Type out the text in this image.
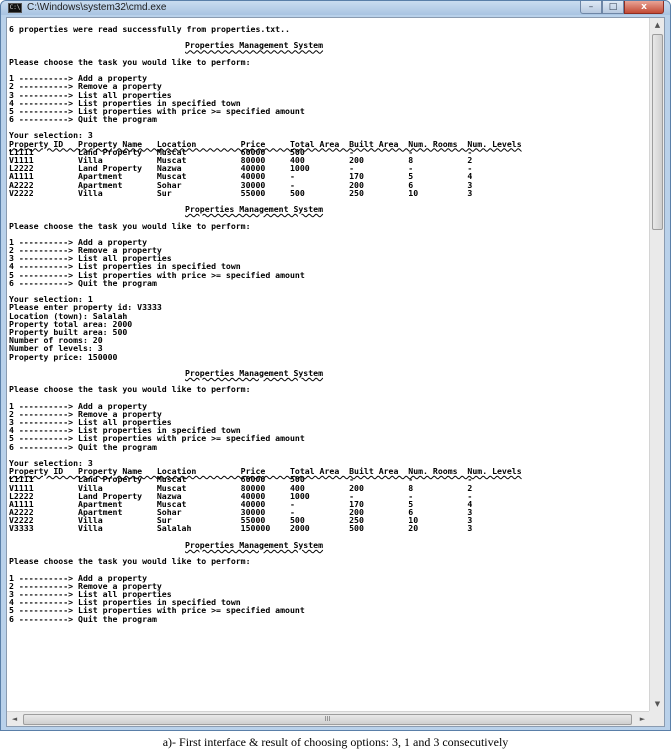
C:\ C:\Windows\system32\cmd.exe	–	□	x
6 properties were read successfully from properties.txt..
Properties Management System
Please choose the task you would like to perform:
1 ----------> Add a property
2 ----------> Remove a property
3 ----------> List all properties
4 ----------> List properties in specified town
5 ----------> List properties with price >= specified amount
6 ----------> Quit the program
Your selection: 3
Property ID   Property Name   Location         Price     Total Area  Built Area  Num. Rooms  Num. Levels
L1111         Land Property   Muscat           60000     500         -           -           -
V1111         Villa           Muscat           80000     400         200         8           2
L2222         Land Property   Nazwa            40000     1000        -           -           -
A1111         Apartment       Muscat           40000     -           170         5           4
A2222         Apartment       Sohar            30000     -           200         6           3
V2222         Villa           Sur              55000     500         250         10          3
Properties Management System
Please choose the task you would like to perform:
1 ----------> Add a property
2 ----------> Remove a property
3 ----------> List all properties
4 ----------> List properties in specified town
5 ----------> List properties with price >= specified amount
6 ----------> Quit the program
Your selection: 1
Please enter property id: V3333
Location (town): Salalah
Property total area: 2000
Property built area: 500
Number of rooms: 20
Number of levels: 3
Property price: 150000
Properties Management System
Please choose the task you would like to perform:
1 ----------> Add a property
2 ----------> Remove a property
3 ----------> List all properties
4 ----------> List properties in specified town
5 ----------> List properties with price >= specified amount
6 ----------> Quit the program
Your selection: 3
Property ID   Property Name   Location         Price     Total Area  Built Area  Num. Rooms  Num. Levels
L1111         Land Property   Muscat           60000     500         -           -           -
V1111         Villa           Muscat           80000     400         200         8           2
L2222         Land Property   Nazwa            40000     1000        -           -           -
A1111         Apartment       Muscat           40000     -           170         5           4
A2222         Apartment       Sohar            30000     -           200         6           3
V2222         Villa           Sur              55000     500         250         10          3
V3333         Villa           Salalah          150000    2000        500         20          3
Properties Management System
Please choose the task you would like to perform:
1 ----------> Add a property
2 ----------> Remove a property
3 ----------> List all properties
4 ----------> List properties in specified town
5 ----------> List properties with price >= specified amount
6 ----------> Quit the program
▲
▼
◄	III	►
a)- First interface & result of choosing options: 3, 1 and 3 consecutively
